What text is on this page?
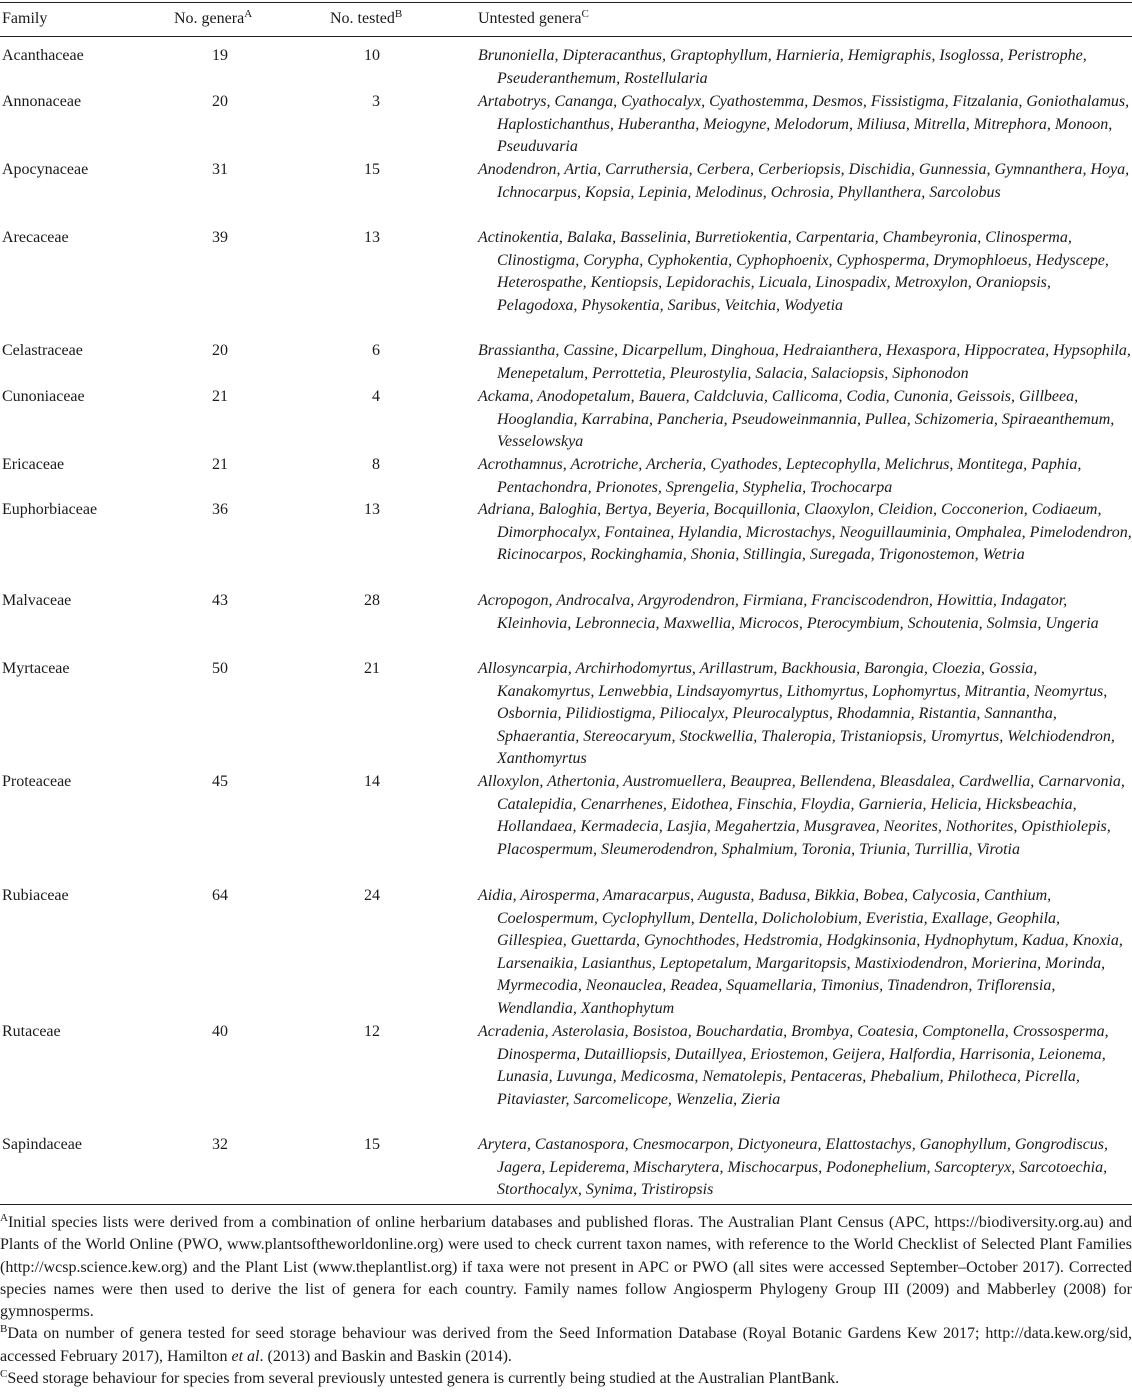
Family	No. genera$^A$	No. tested$^B$	Untested genera$^C$
Acanthaceae	19	10	Brunoniella, Dipteracanthus, Graptophyllum, Harnieria, Hemigraphis, Isoglossa, Peristrophe, Pseuderanthemum, Rostellularia
Annonaceae	20	3	Artabotrys, Cananga, Cyathocalyx, Cyathostemma, Desmos, Fissistigma, Fitzalania, Goniothalamus, Haplostichanthus, Huberantha, Meiogyne, Melodorum, Miliusa, Mitrella, Mitrephora, Monoon, Pseuduvaria
Apocynaceae	31	15	Anodendron, Artia, Carruthersia, Cerbera, Cerberiopsis, Dischidia, Gunnessia, Gymnanthera, Hoya, Ichnocarpus, Kopsia, Lepinia, Melodinus, Ochrosia, Phyllanthera, Sarcolobus
Arecaceae	39	13	Actinokentia, Balaka, Basselinia, Burretiokentia, Carpentaria, Chambeyronia, Clinosperma, Clinostigma, Corypha, Cyphokentia, Cyphophoenix, Cyphosperma, Drymophloeus, Hedyscepe, Heterospathe, Kentiopsis, Lepidorachis, Licuala, Linospadix, Metroxylon, Oraniopsis, Pelagodoxa, Physokentia, Saribus, Veitchia, Wodyetia
Celastraceae	20	6	Brassiantha, Cassine, Dicarpellum, Dinghoua, Hedraianthera, Hexaspora, Hippocratea, Hypsophila, Menepetalum, Perrottetia, Pleurostylia, Salacia, Salaciopsis, Siphonodon
Cunoniaceae	21	4	Ackama, Anodopetalum, Bauera, Caldcluvia, Callicoma, Codia, Cunonia, Geissois, Gillbeea, Hooglandia, Karrabina, Pancheria, Pseudoweinmannia, Pullea, Schizomeria, Spiraeanthemum, Vesselowskya
Ericaceae	21	8	Acrothamnus, Acrotriche, Archeria, Cyathodes, Leptecophylla, Melichrus, Montitega, Paphia, Pentachondra, Prionotes, Sprengelia, Styphelia, Trochocarpa
Euphorbiaceae	36	13	Adriana, Baloghia, Bertya, Beyeria, Bocquillonia, Claoxylon, Cleidion, Cocconerion, Codiaeum, Dimorphocalyx, Fontainea, Hylandia, Microstachys, Neoguillauminia, Omphalea, Pimelodendron, Ricinocarpos, Rockinghamia, Shonia, Stillingia, Suregada, Trigonostemon, Wetria
Malvaceae	43	28	Acropogon, Androcalva, Argyrodendron, Firmiana, Franciscodendron, Howittia, Indagator, Kleinhovia, Lebronnecia, Maxwellia, Microcos, Pterocymbium, Schoutenia, Solmsia, Ungeria
Myrtaceae	50	21	Allosyncarpia, Archirhodomyrtus, Arillastrum, Backhousia, Barongia, Cloezia, Gossia, Kanakomyrtus, Lenwebbia, Lindsayomyrtus, Lithomyrtus, Lophomyrtus, Mitrantia, Neomyrtus, Osbornia, Pilidiostigma, Piliocalyx, Pleurocalyptus, Rhodamnia, Ristantia, Sannantha, Sphaerantia, Stereocaryum, Stockwellia, Thaleropia, Tristaniopsis, Uromyrtus, Welchiodendron, Xanthomyrtus
Proteaceae	45	14	Alloxylon, Athertonia, Austromuellera, Beauprea, Bellendena, Bleasdalea, Cardwellia, Carnarvonia, Catalepidia, Cenarrhenes, Eidothea, Finschia, Floydia, Garnieria, Helicia, Hicksbeachia, Hollandaea, Kermadecia, Lasjia, Megahertzia, Musgravea, Neorites, Nothorites, Opisthiolepis, Placospermum, Sleumerodendron, Sphalmium, Toronia, Triunia, Turrillia, Virotia
Rubiaceae	64	24	Aidia, Airosperma, Amaracarpus, Augusta, Badusa, Bikkia, Bobea, Calycosia, Canthium, Coelospermum, Cyclophyllum, Dentella, Dolicholobium, Everistia, Exallage, Geophila, Gillespiea, Guettarda, Gynochthodes, Hedstromia, Hodgkinsonia, Hydnophytum, Kadua, Knoxia, Larsenaikia, Lasianthus, Leptopetalum, Margaritopsis, Mastixiodendron, Morierina, Morinda, Myrmecodia, Neonauclea, Readea, Squamellaria, Timonius, Tinadendron, Triflorensia, Wendlandia, Xanthophytum
Rutaceae	40	12	Acradenia, Asterolasia, Bosistoa, Bouchardatia, Brombya, Coatesia, Comptonella, Crossosperma, Dinosperma, Dutailliopsis, Dutaillyea, Eriostemon, Geijera, Halfordia, Harrisonia, Leionema, Lunasia, Luvunga, Medicosma, Nematolepis, Pentaceras, Phebalium, Philotheca, Picrella, Pitaviaster, Sarcomelicope, Wenzelia, Zieria
Sapindaceae	32	15	Arytera, Castanospora, Cnesmocarpon, Dictyoneura, Elattostachys, Ganophyllum, Gongrodiscus, Jagera, Lepiderema, Mischarytera, Mischocarpus, Podonephelium, Sarcopteryx, Sarcotoechia, Storthocalyx, Synima, Tristiropsis

$^A$Initial species lists were derived from a combination of online herbarium databases and published floras. The Australian Plant Census (APC, https://biodiversity.org.au) and Plants of the World Online (PWO, www.plantsoftheworldonline.org) were used to check current taxon names, with reference to the World Checklist of Selected Plant Families (http://wcsp.science.kew.org) and the Plant List (www.theplantlist.org) if taxa were not present in APC or PWO (all sites were accessed September–October 2017). Corrected species names were then used to derive the list of genera for each country. Family names follow Angiosperm Phylogeny Group III (2009) and Mabberley (2008) for gymnosperms.

$^B$Data on number of genera tested for seed storage behaviour was derived from the Seed Information Database (Royal Botanic Gardens Kew 2017; http://data.kew.org/sid, accessed February 2017), Hamilton et al. (2013) and Baskin and Baskin (2014).

$^C$Seed storage behaviour for species from several previously untested genera is currently being studied at the Australian PlantBank.
